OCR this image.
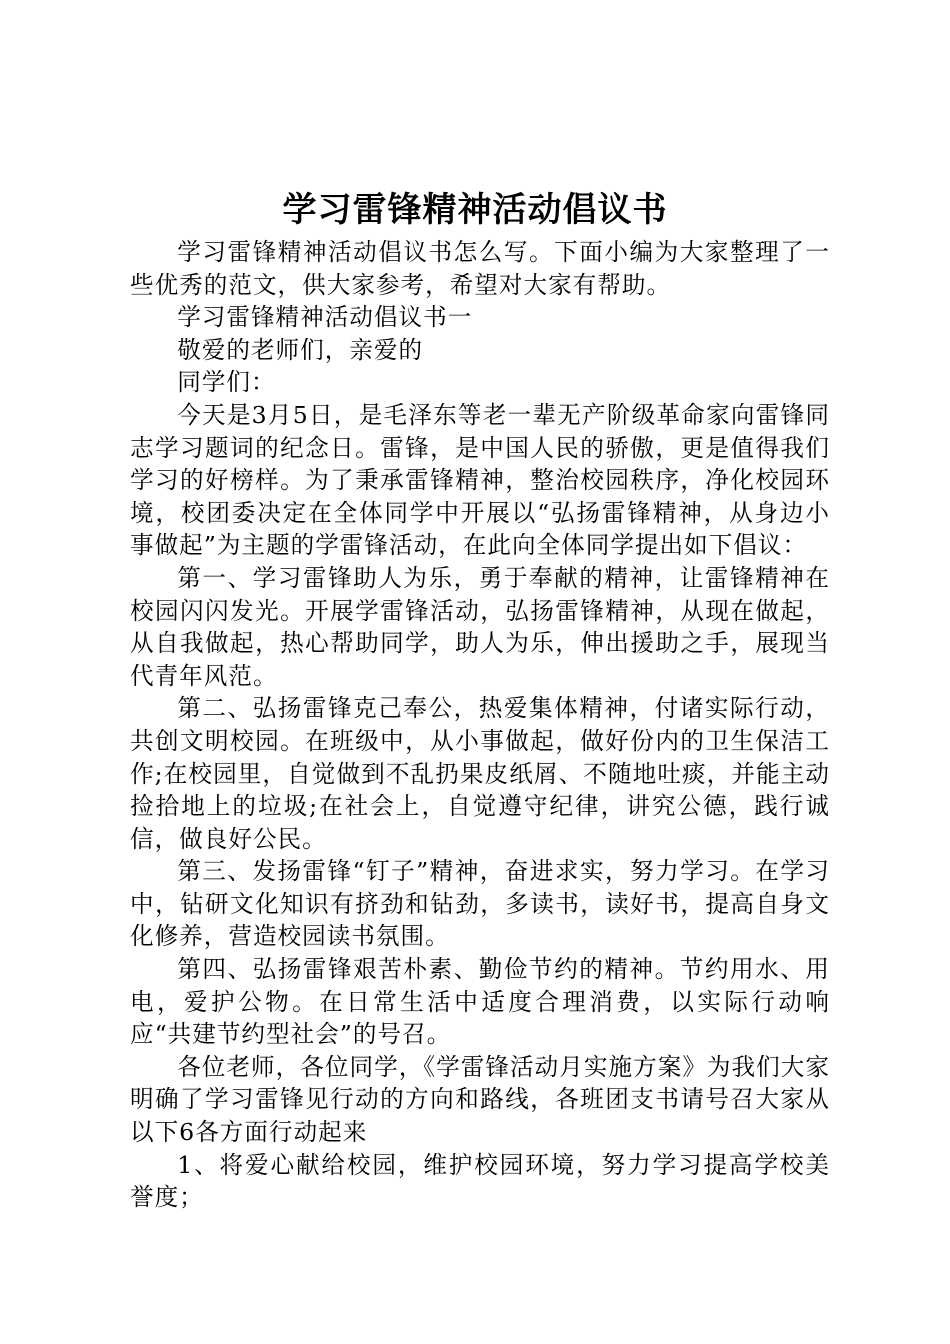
学习雷锋精神活动倡议书

学习雷锋精神活动倡议书怎么写。下面小编为大家整理了一些优秀的范文，供大家参考，希望对大家有帮助。

学习雷锋精神活动倡议书一

敬爱的老师们，亲爱的

同学们：

今天是3月5日，是毛泽东等老一辈无产阶级革命家向雷锋同志学习题词的纪念日。雷锋，是中国人民的骄傲，更是值得我们学习的好榜样。为了秉承雷锋精神，整治校园秩序，净化校园环境，校团委决定在全体同学中开展以“弘扬雷锋精神，从身边小事做起”为主题的学雷锋活动，在此向全体同学提出如下倡议：

第一、学习雷锋助人为乐，勇于奉献的精神，让雷锋精神在校园闪闪发光。开展学雷锋活动，弘扬雷锋精神，从现在做起，从自我做起，热心帮助同学，助人为乐，伸出援助之手，展现当代青年风范。

第二、弘扬雷锋克己奉公，热爱集体精神，付诸实际行动，共创文明校园。在班级中，从小事做起，做好份内的卫生保洁工作;在校园里，自觉做到不乱扔果皮纸屑、不随地吐痰，并能主动捡拾地上的垃圾;在社会上，自觉遵守纪律，讲究公德，践行诚信，做良好公民。

第三、发扬雷锋“钉子”精神，奋进求实，努力学习。在学习中，钻研文化知识有挤劲和钻劲，多读书，读好书，提高自身文化修养，营造校园读书氛围。

第四、弘扬雷锋艰苦朴素、勤俭节约的精神。节约用水、用电，爱护公物。在日常生活中适度合理消费，以实际行动响应“共建节约型社会”的号召。

各位老师，各位同学，《学雷锋活动月实施方案》为我们大家明确了学习雷锋见行动的方向和路线，各班团支书请号召大家从以下6各方面行动起来

1、将爱心献给校园，维护校园环境，努力学习提高学校美誉度；
